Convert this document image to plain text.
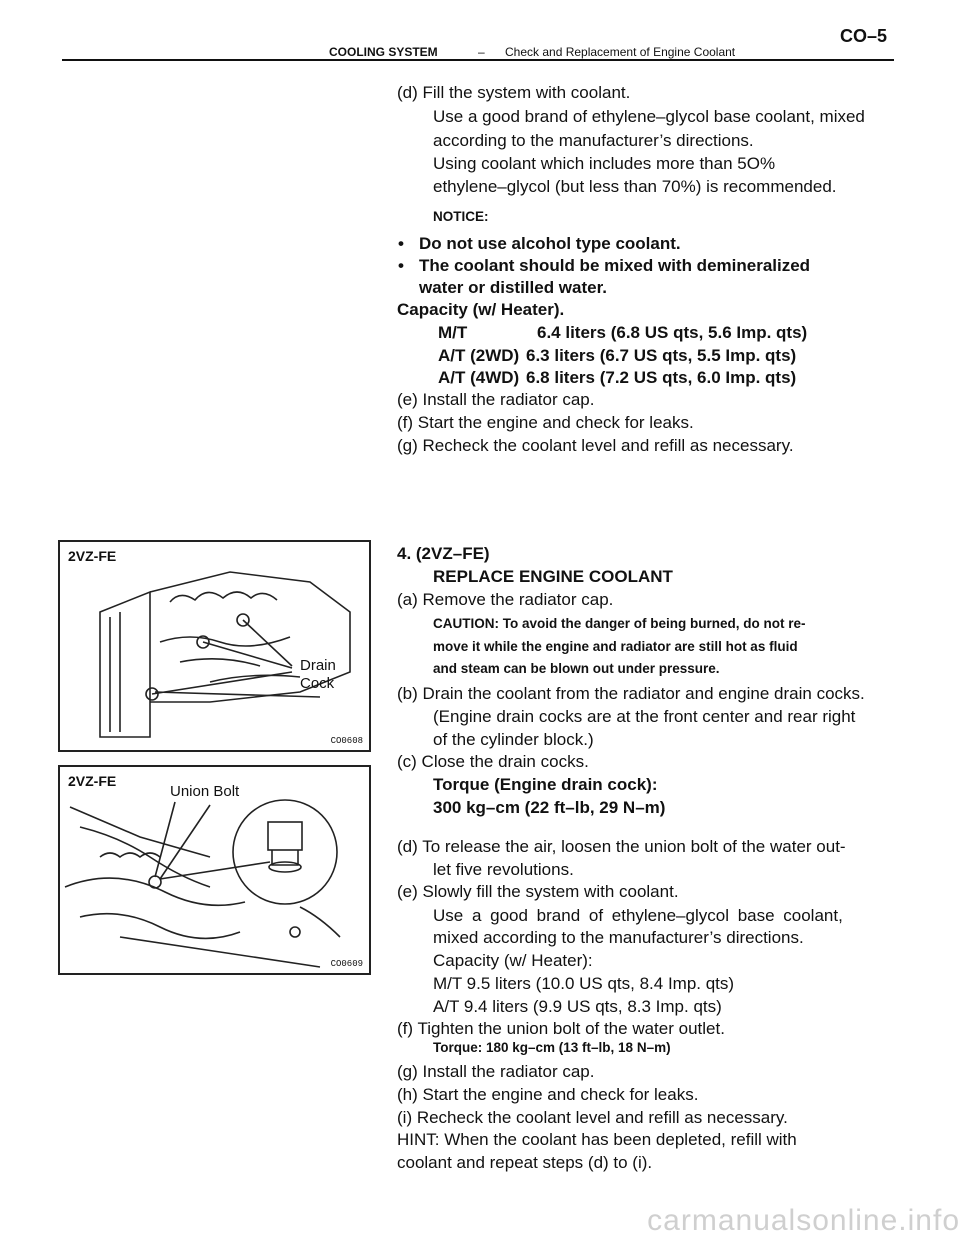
COOLING SYSTEM	– Check and Replacement of Engine Coolant
CO–5
(d) Fill the system with coolant.
Use a good brand of ethylene–glycol base coolant, mixed
according to the manufacturer’s directions.
Using coolant which includes more than 5O%
ethylene–glycol (but less than 70%) is recommended.
NOTICE:
• Do not use alcohol type coolant.
• The coolant should be mixed with demineralized
water or distilled water.
Capacity (w/ Heater).
M/T	6.4 liters (6.8 US qts, 5.6 Imp. qts)
A/T (2WD) 6.3 liters (6.7 US qts, 5.5 Imp. qts)
A/T (4WD) 6.8 liters (7.2 US qts, 6.0 Imp. qts)
(e) Install the radiator cap.
(f) Start the engine and check for leaks.
(g) Recheck the coolant level and refill as necessary.
4. (2VZ–FE)
REPLACE ENGINE COOLANT
(a) Remove the radiator cap.
CAUTION: To avoid the danger of being burned, do not re-
move it while the engine and radiator are still hot as fluid
and steam can be blown out under pressure.
(b) Drain the coolant from the radiator and engine drain cocks.
(Engine drain cocks are at the front center and rear right
of the cylinder block.)
(c) Close the drain cocks.
Torque (Engine drain cock):
300 kg–cm (22 ft–lb, 29 N–m)
(d) To release the air, loosen the union bolt of the water out-
let five revolutions.
(e) Slowly fill the system with coolant.
Use a good brand of ethylene–glycol base coolant,
mixed according to the manufacturer’s directions.
Capacity (w/ Heater):
M/T 9.5 liters (10.0 US qts, 8.4 Imp. qts)
A/T 9.4 liters (9.9 US qts, 8.3 Imp. qts)
(f) Tighten the union bolt of the water outlet.
Torque: 180 kg–cm (13 ft–lb, 18 N–m)
(g) Install the radiator cap.
(h) Start the engine and check for leaks.
(i) Recheck the coolant level and refill as necessary.
HINT: When the coolant has been depleted, refill with
coolant and repeat steps (d) to (i).
2VZ-FE
Drain
Cock
CO0608
2VZ-FE
Union Bolt
CO0609
carmanualsonline.info
